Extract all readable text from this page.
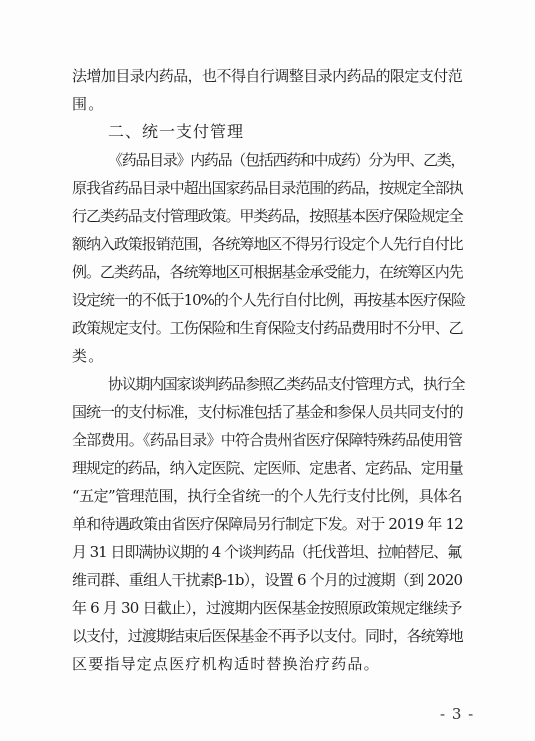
法增加目录内药品，也不得自行调整目录内药品的限定支付范
围。
二、统一支付管理
《药品目录》内药品（包括西药和中成药）分为甲、乙类，
原我省药品目录中超出国家药品目录范围的药品，按规定全部执
行乙类药品支付管理政策。甲类药品，按照基本医疗保险规定全
额纳入政策报销范围，各统筹地区不得另行设定个人先行自付比
例。乙类药品，各统筹地区可根据基金承受能力，在统筹区内先
设定统一的不低于10%的个人先行自付比例，再按基本医疗保险
政策规定支付。工伤保险和生育保险支付药品费用时不分甲、乙
类。
协议期内国家谈判药品参照乙类药品支付管理方式，执行全
国统一的支付标准，支付标准包括了基金和参保人员共同支付的
全部费用。《药品目录》中符合贵州省医疗保障特殊药品使用管
理规定的药品，纳入定医院、定医师、定患者、定药品、定用量
“五定”管理范围，执行全省统一的个人先行支付比例，具体名
单和待遇政策由省医疗保障局另行制定下发。对于 2019 年 12
月 31 日即满协议期的 4 个谈判药品（托伐普坦、拉帕替尼、氟
维司群、重组人干扰素β-1b），设置 6 个月的过渡期（到 2020
年 6 月 30 日截止），过渡期内医保基金按照原政策规定继续予
以支付，过渡期结束后医保基金不再予以支付。同时，各统筹地
区要指导定点医疗机构适时替换治疗药品。
- 3 -
